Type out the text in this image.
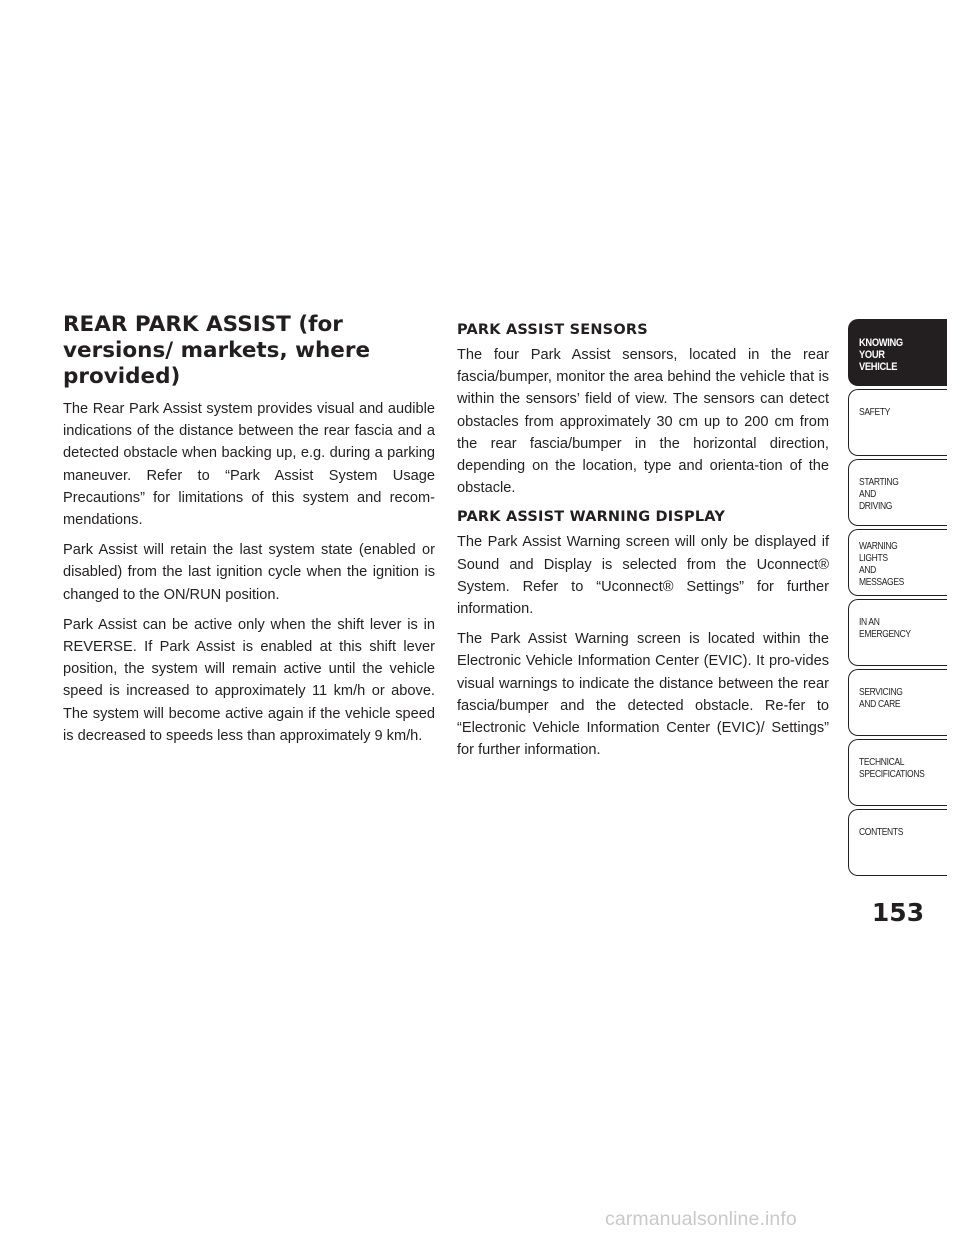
REAR PARK ASSIST (for versions/ markets, where provided)

The Rear Park Assist system provides visual and audible indications of the distance between the rear fascia and a detected obstacle when backing up, e.g. during a parking maneuver. Refer to “Park Assist System Usage Precautions” for limitations of this system and recom-mendations.

Park Assist will retain the last system state (enabled or disabled) from the last ignition cycle when the ignition is changed to the ON/RUN position.

Park Assist can be active only when the shift lever is in REVERSE. If Park Assist is enabled at this shift lever position, the system will remain active until the vehicle speed is increased to approximately 11 km/h or above. The system will become active again if the vehicle speed is decreased to speeds less than approximately 9 km/h.

PARK ASSIST SENSORS

The four Park Assist sensors, located in the rear fascia/bumper, monitor the area behind the vehicle that is within the sensors’ field of view. The sensors can detect obstacles from approximately 30 cm up to 200 cm from the rear fascia/bumper in the horizontal direction, depending on the location, type and orienta-tion of the obstacle.

PARK ASSIST WARNING DISPLAY

The Park Assist Warning screen will only be displayed if Sound and Display is selected from the Uconnect® System. Refer to “Uconnect® Settings” for further information.

The Park Assist Warning screen is located within the Electronic Vehicle Information Center (EVIC). It pro-vides visual warnings to indicate the distance between the rear fascia/bumper and the detected obstacle. Re-fer to “Electronic Vehicle Information Center (EVIC)/ Settings” for further information.

KNOWING
YOUR
VEHICLE
SAFETY
STARTING
AND
DRIVING
WARNING
LIGHTS
AND
MESSAGES
IN AN
EMERGENCY
SERVICING
AND CARE
TECHNICAL
SPECIFICATIONS
CONTENTS
153
carmanualsonline.info
